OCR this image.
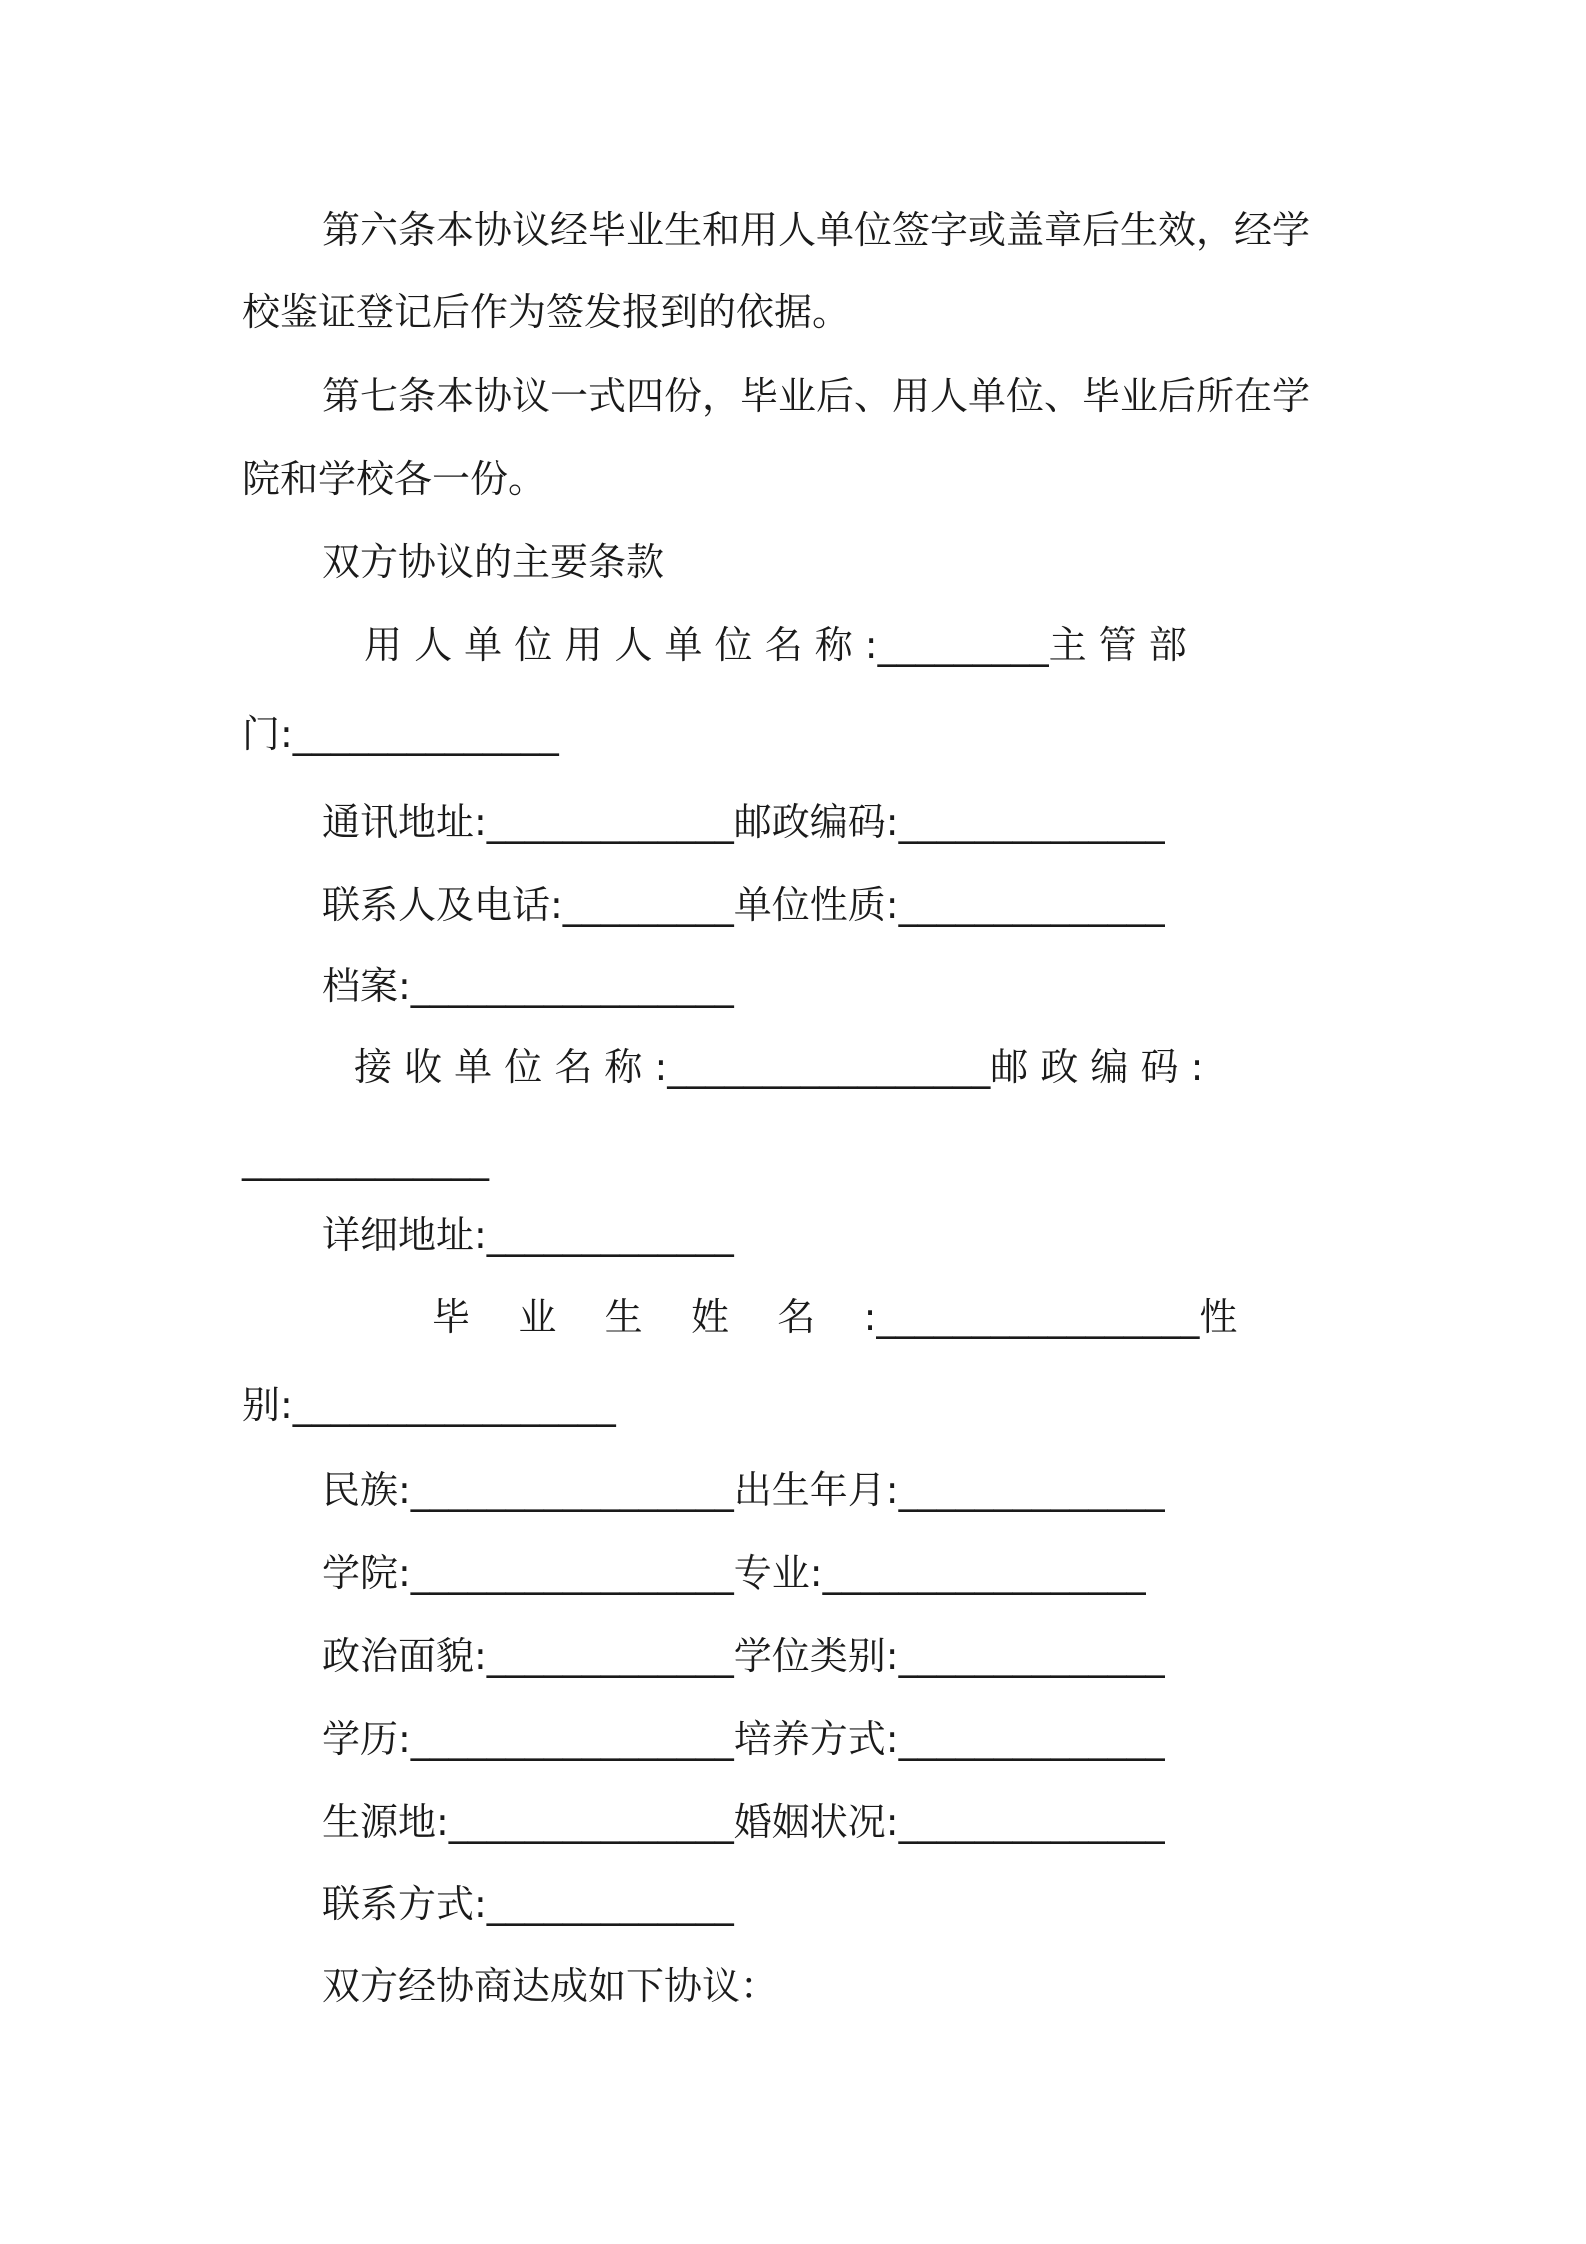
第六条本协议经毕业生和用人单位签字或盖章后生效，经学
校鉴证登记后作为签发报到的依据。
第七条本协议一式四份，毕业后、用人单位、毕业后所在学
院和学校各一份。
双方协议的主要条款
用 人 单 位 用 人 单 位 名 称 :_________主 管 部
门:______________
通讯地址:_____________邮政编码:______________
联系人及电话:_________单位性质:______________
档案:_________________
接 收 单 位 名 称 :_________________邮 政 编 码 :
_____________
详细地址:_____________
毕    业    生    姓    名    :_________________性
别:_________________
民族:_________________出生年月:______________
学院:_________________专业:_________________
政治面貌:_____________学位类别:______________
学历:_________________培养方式:______________
生源地:_______________婚姻状况:______________
联系方式:_____________
双方经协商达成如下协议：
